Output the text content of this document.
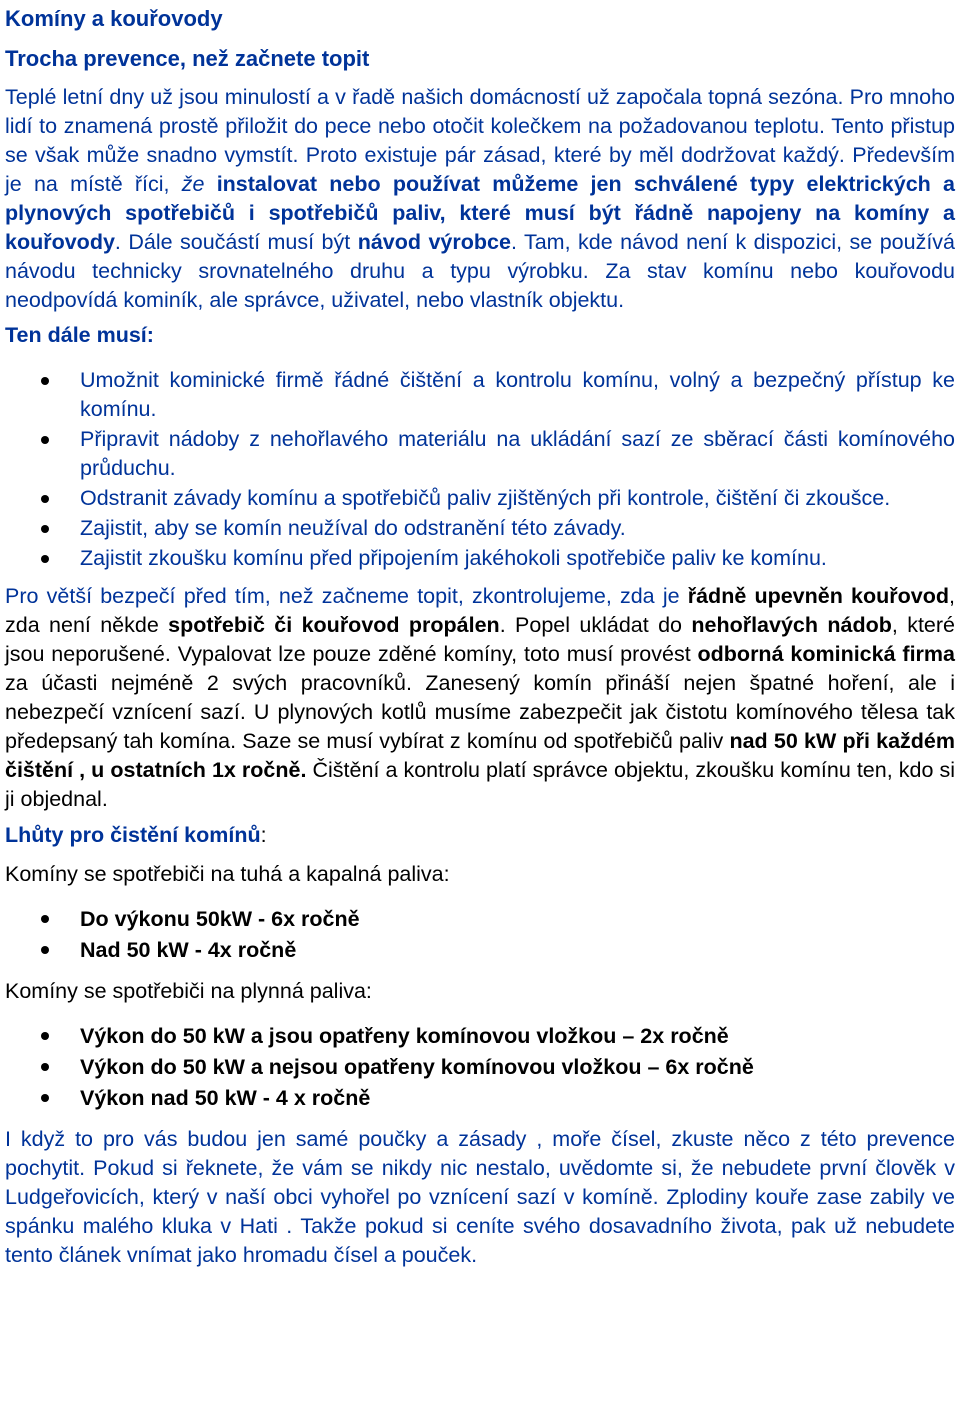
Komíny a kouřovody
Trocha prevence, než začnete topit

Teplé letní dny už jsou minulostí a v řadě našich domácností už započala topná sezóna. Pro mnoho lidí to znamená prostě přiložit do pece nebo otočit kolečkem na požadovanou teplotu. Tento přistup se však může snadno vymstít. Proto existuje pár zásad, které by měl dodržovat každý. Především je na místě říci, že instalovat nebo používat můžeme jen schválené typy elektrických a plynových spotřebičů i spotřebičů paliv, které musí být řádně napojeny na komíny a kouřovody. Dále součástí musí být návod výrobce. Tam, kde návod není k dispozici, se používá návodu technicky srovnatelného druhu a typu výrobku. Za stav komínu nebo kouřovodu neodpovídá kominík, ale správce, uživatel, nebo vlastník objektu.

Ten dále musí:
Umožnit kominické firmě řádné čištění a kontrolu komínu, volný a bezpečný přístup ke komínu.
Připravit nádoby z nehořlavého materiálu na ukládání sazí ze sběrací části komínového průduchu.
Odstranit závady komínu a spotřebičů paliv zjištěných při kontrole, čištění či zkoušce.
Zajistit, aby se komín neužíval do odstranění této závady.
Zajistit zkoušku komínu před připojením jakéhokoli spotřebiče paliv ke komínu.

Pro větší bezpečí před tím, než začneme topit, zkontrolujeme, zda je řádně upevněn kouřovod, zda není někde spotřebič či kouřovod propálen. Popel ukládat do nehořlavých nádob, které jsou neporušené. Vypalovat lze pouze zděné komíny, toto musí provést odborná kominická firma za účasti nejméně 2 svých pracovníků. Zanesený komín přináší nejen špatné hoření, ale i nebezpečí vznícení sazí. U plynových kotlů musíme zabezpečit jak čistotu komínového tělesa tak předepsaný tah komína. Saze se musí vybírat z komínu od spotřebičů paliv nad 50 kW při každém čištění , u ostatních 1x ročně. Čištění a kontrolu platí správce objektu, zkoušku komínu ten, kdo si ji objednal.

Lhůty pro čistění komínů:

Komíny se spotřebiči na tuhá a kapalná paliva:

Do výkonu 50kW - 6x ročně
Nad 50 kW - 4x ročně

Komíny se spotřebiči na plynná paliva:

Výkon do 50 kW a jsou opatřeny komínovou vložkou – 2x ročně
Výkon do 50 kW a nejsou opatřeny komínovou vložkou – 6x ročně
Výkon nad 50 kW - 4 x ročně

I když to pro vás budou jen samé poučky a zásady , moře čísel, zkuste něco z této prevence pochytit. Pokud si řeknete, že vám se nikdy nic nestalo, uvědomte si, že nebudete první člověk v Ludgeřovicích, který v naší obci vyhořel po vznícení sazí v komíně. Zplodiny kouře zase zabily ve spánku malého kluka v Hati . Takže pokud si ceníte svého dosavadního života, pak už nebudete tento článek vnímat jako hromadu čísel a pouček.
